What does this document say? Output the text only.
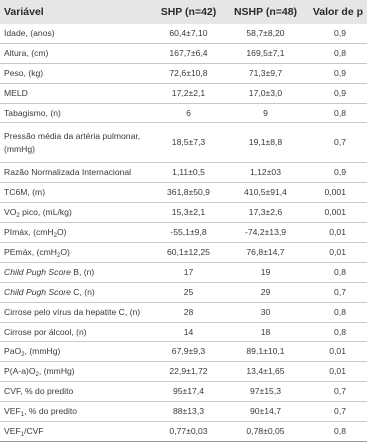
Variável	SHP (n=42)	NSHP (n=48)	Valor de p
Idade, (anos)	60,4±7,10	58,7±8,20	0,9
Altura, (cm)	167,7±6,4	169,5±7,1	0,8
Peso, (kg)	72,6±10,8	71,3±9,7	0,9
MELD	17,2±2,1	17,0±3,0	0,9
Tabagismo, (n)	6	9	0,8
Pressão média da artéria pulmonar, (mmHg)	18,5±7,3	19,1±8,8	0,7
Razão Normalizada Internacional	1,11±0,5	1,12±03	0,9
TC6M, (m)	361,8±50,9	410,5±91,4	0,001
$VO_2$ pico, (mL/kg)	15,3±2,1	17,3±2,6	0,001
PImáx, (cmH$_2$O)	-55,1±9,8	-74,2±13,9	0,01
PEmáx, (cmH$_2$O)	60,1±12,25	76,8±14,7	0,01
Child Pugh Score B, (n)	17	19	0,8
Child Pugh Score C, (n)	25	29	0,7
Cirrose pelo vírus da hepatite C, (n)	28	30	0,8
Cirrose por álcool, (n)	14	18	0,8
PaO$_2$, (mmHg)	67,9±9,3	89,1±10,1	0,01
$P(A-a)O_2$, (mmHg)	22,9±1,72	13,4±1,65	0,01
CVF, % do predito	95±17,4	97±15,3	0,7
$VEF_1$, % do predito	88±13,3	90±14,7	0,7
$VEF_1$/CVF	0,77±0,03	0,78±0,05	0,8
